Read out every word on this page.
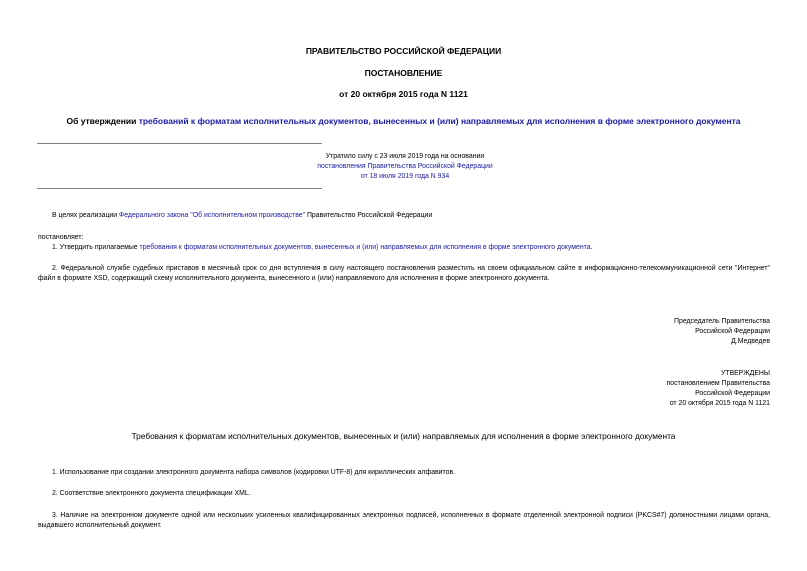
ПРАВИТЕЛЬСТВО РОССИЙСКОЙ ФЕДЕРАЦИИ
ПОСТАНОВЛЕНИЕ
от 20 октября 2015 года N 1121
Об утверждении требований к форматам исполнительных документов, вынесенных и (или) направляемых для исполнения в форме электронного документа
Утратило силу с 23 июля 2019 года на основании
постановления Правительства Российской Федерации
от 18 июля 2019 года N 934
В целях реализации Федерального закона "Об исполнительном производстве" Правительство Российской Федерации
постановляет:
1. Утвердить прилагаемые требования к форматам исполнительных документов, вынесенных и (или) направляемых для исполнения в форме электронного документа.
2. Федеральной службе судебных приставов в месячный срок со дня вступления в силу настоящего постановления разместить на своем официальном сайте в информационно-телекоммуникационной сети "Интернет" файл в формате XSD, содержащий схему исполнительного документа, вынесенного и (или) направляемого для исполнения в форме электронного документа.
Председатель Правительства
Российской Федерации
Д.Медведев
УТВЕРЖДЕНЫ
постановлением Правительства
Российской Федерации
от 20 октября 2015 года N 1121
Требования к форматам исполнительных документов, вынесенных и (или) направляемых для исполнения в форме электронного документа
1. Использование при создании электронного документа набора символов (кодировки UTF-8) для кириллических алфавитов.
2. Соответствие электронного документа спецификации XML.
3. Наличие на электронном документе одной или нескольких усиленных квалифицированных электронных подписей, исполненных в формате отделенной электронной подписи (PKCS#7) должностными лицами органа, выдавшего исполнительный документ.
